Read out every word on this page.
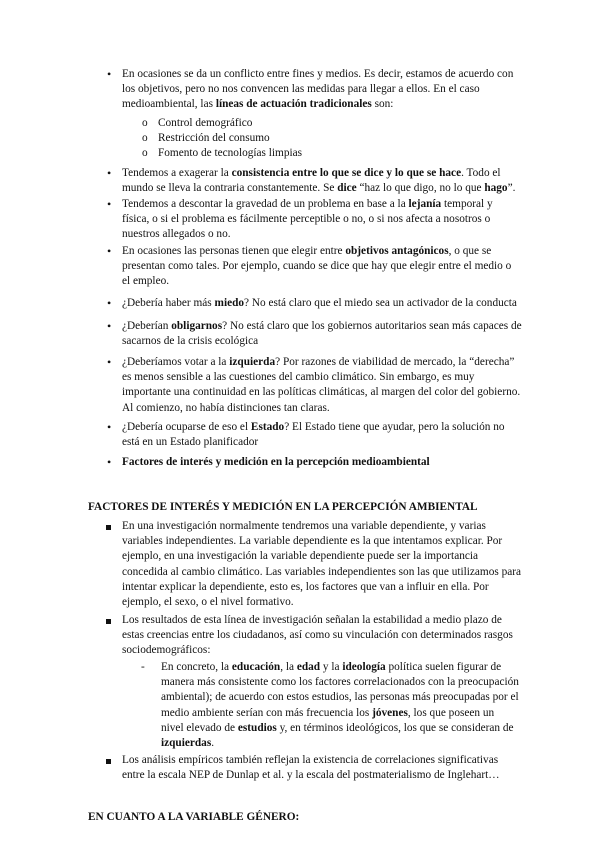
• En ocasiones se da un conflicto entre fines y medios. Es decir, estamos de acuerdo con los objetivos, pero no nos convencen las medidas para llegar a ellos. En el caso medioambiental, las líneas de actuación tradicionales son:
o Control demográfico
o Restricción del consumo
o Fomento de tecnologías limpias
• Tendemos a exagerar la consistencia entre lo que se dice y lo que se hace. Todo el mundo se lleva la contraria constantemente. Se dice “haz lo que digo, no lo que hago”.
• Tendemos a descontar la gravedad de un problema en base a la lejanía temporal y física, o si el problema es fácilmente perceptible o no, o si nos afecta a nosotros o nuestros allegados o no.
• En ocasiones las personas tienen que elegir entre objetivos antagónicos, o que se presentan como tales. Por ejemplo, cuando se dice que hay que elegir entre el medio o el empleo.
• ¿Debería haber más miedo? No está claro que el miedo sea un activador de la conducta
• ¿Deberían obligarnos? No está claro que los gobiernos autoritarios sean más capaces de sacarnos de la crisis ecológica
• ¿Deberíamos votar a la izquierda? Por razones de viabilidad de mercado, la “derecha” es menos sensible a las cuestiones del cambio climático. Sin embargo, es muy importante una continuidad en las políticas climáticas, al margen del color del gobierno. Al comienzo, no había distinciones tan claras.
• ¿Debería ocuparse de eso el Estado? El Estado tiene que ayudar, pero la solución no está en un Estado planificador
• Factores de interés y medición en la percepción medioambiental
FACTORES DE INTERÉS Y MEDICIÓN EN LA PERCEPCIÓN AMBIENTAL
En una investigación normalmente tendremos una variable dependiente, y varias variables independientes. La variable dependiente es la que intentamos explicar. Por ejemplo, en una investigación la variable dependiente puede ser la importancia concedida al cambio climático. Las variables independientes son las que utilizamos para intentar explicar la dependiente, esto es, los factores que van a influir en ella. Por ejemplo, el sexo, o el nivel formativo.
Los resultados de esta línea de investigación señalan la estabilidad a medio plazo de estas creencias entre los ciudadanos, así como su vinculación con determinados rasgos sociodemográficos:
- En concreto, la educación, la edad y la ideología política suelen figurar de manera más consistente como los factores correlacionados con la preocupación ambiental); de acuerdo con estos estudios, las personas más preocupadas por el medio ambiente serían con más frecuencia los jóvenes, los que poseen un nivel elevado de estudios y, en términos ideológicos, los que se consideran de izquierdas.
Los análisis empíricos también reflejan la existencia de correlaciones significativas entre la escala NEP de Dunlap et al. y la escala del postmaterialismo de Inglehart…
EN CUANTO A LA VARIABLE GÉNERO:
